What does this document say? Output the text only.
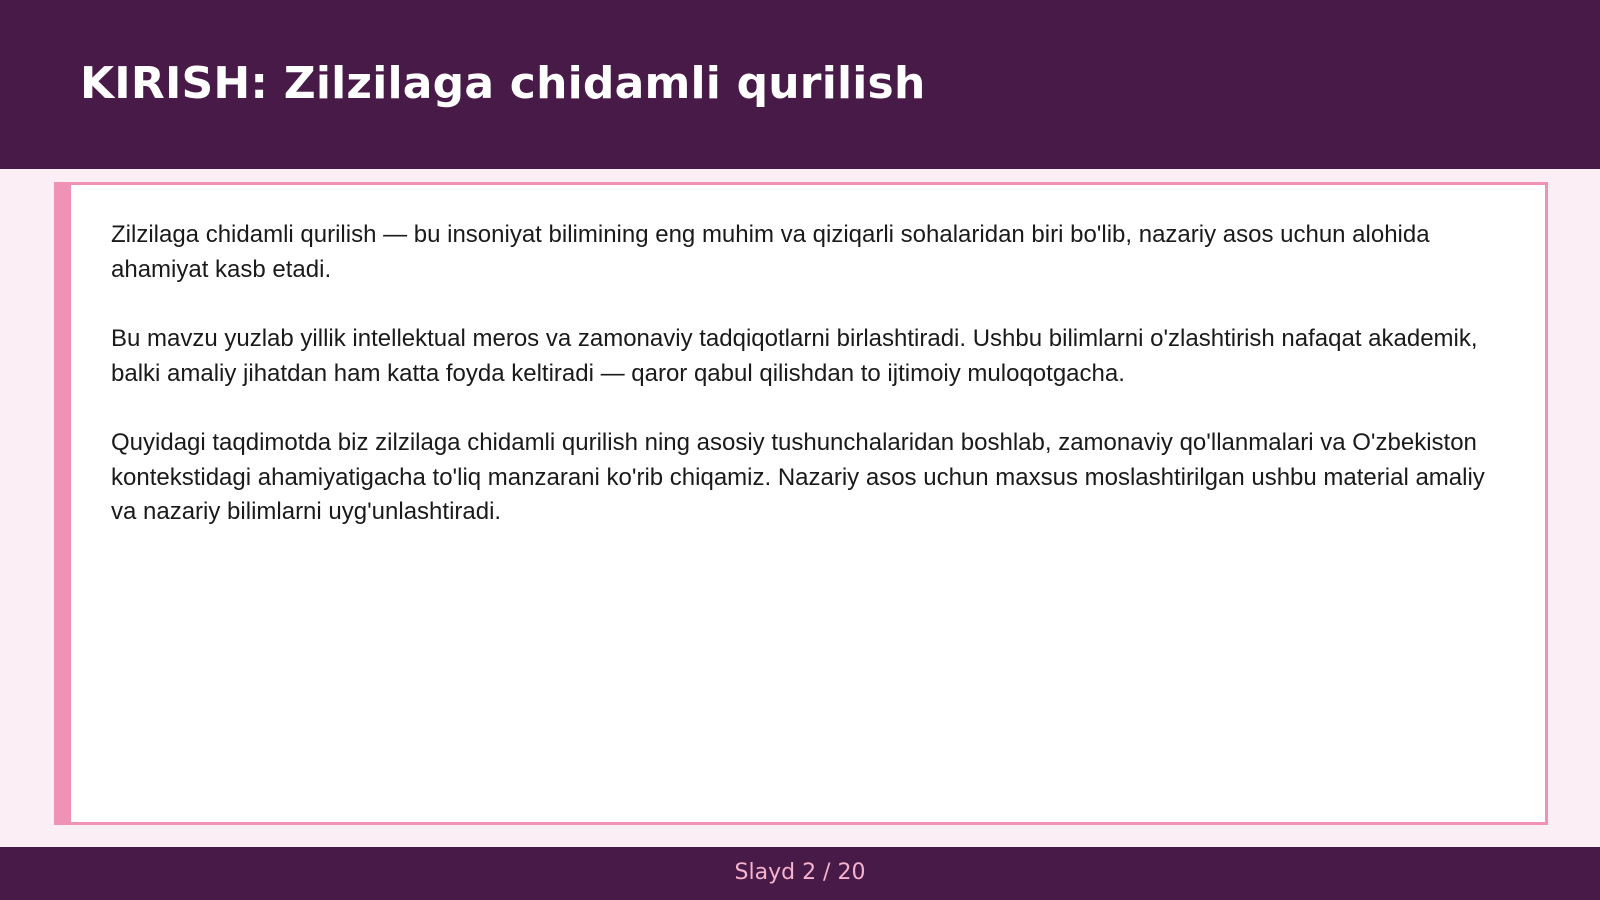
KIRISH: Zilzilaga chidamli qurilish

Zilzilaga chidamli qurilish — bu insoniyat bilimining eng muhim va qiziqarli sohalaridan biri bo'lib, nazariy asos uchun alohida ahamiyat kasb etadi.

Bu mavzu yuzlab yillik intellektual meros va zamonaviy tadqiqotlarni birlashtiradi. Ushbu bilimlarni o'zlashtirish nafaqat akademik, balki amaliy jihatdan ham katta foyda keltiradi — qaror qabul qilishdan to ijtimoiy muloqotgacha.

Quyidagi taqdimotda biz zilzilaga chidamli qurilish ning asosiy tushunchalaridan boshlab, zamonaviy qo'llanmalari va O'zbekiston kontekstidagi ahamiyatigacha to'liq manzarani ko'rib chiqamiz. Nazariy asos uchun maxsus moslashtirilgan ushbu material amaliy va nazariy bilimlarni uyg'unlashtiradi.

Slayd 2 / 20
